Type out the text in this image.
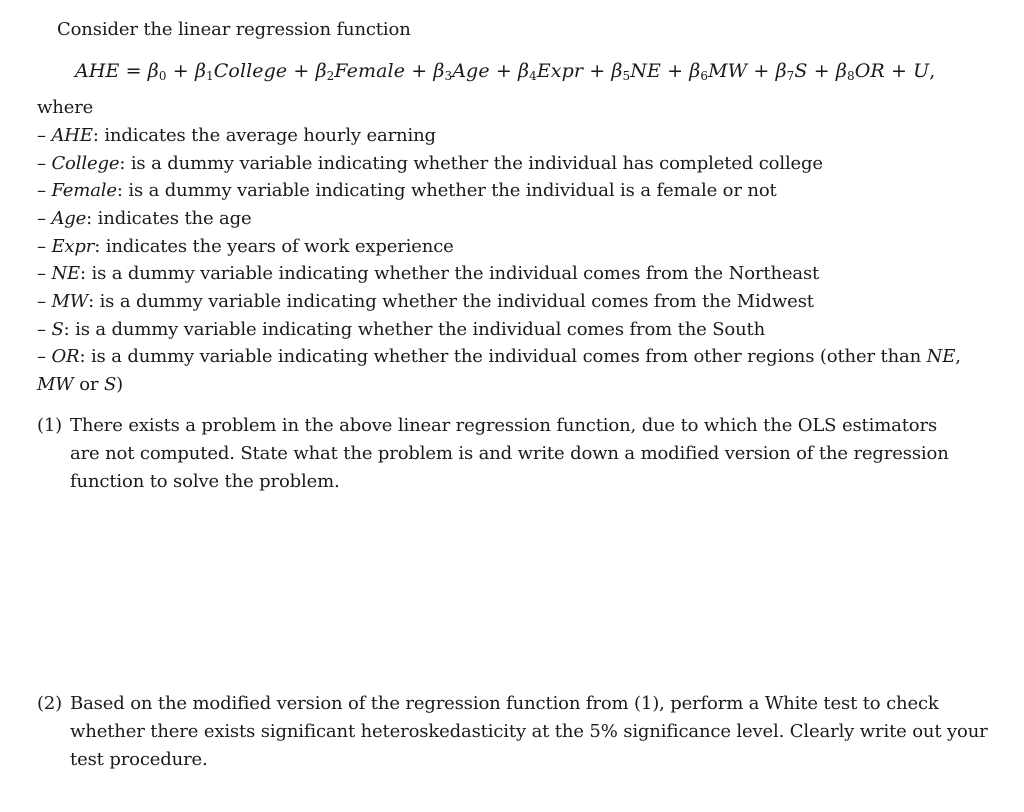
Consider the linear regression function
AHE = $\beta_0$ + $\beta_1College$ + $\beta_2Female + \beta_3Age$ + $\beta_4Expr + \beta_5NE + \beta_6MW + \beta_7S + \beta_8OR + U$,
where
– AHE: indicates the average hourly earning
– College: is a dummy variable indicating whether the individual has completed college
– Female: is a dummy variable indicating whether the individual is a female or not
– Age: indicates the age
– Expr: indicates the years of work experience
– NE: is a dummy variable indicating whether the individual comes from the Northeast
– MW: is a dummy variable indicating whether the individual comes from the Midwest
– S: is a dummy variable indicating whether the individual comes from the South
– OR: is a dummy variable indicating whether the individual comes from other regions (other than NE,
MW or S)
(1) There exists a problem in the above linear regression function, due to which the OLS estimators
are not computed. State what the problem is and write down a modified version of the regression
function to solve the problem.
(2) Based on the modified version of the regression function from (1), perform a White test to check
whether there exists significant heteroskedasticity at the 5% significance level. Clearly write out your
test procedure.
